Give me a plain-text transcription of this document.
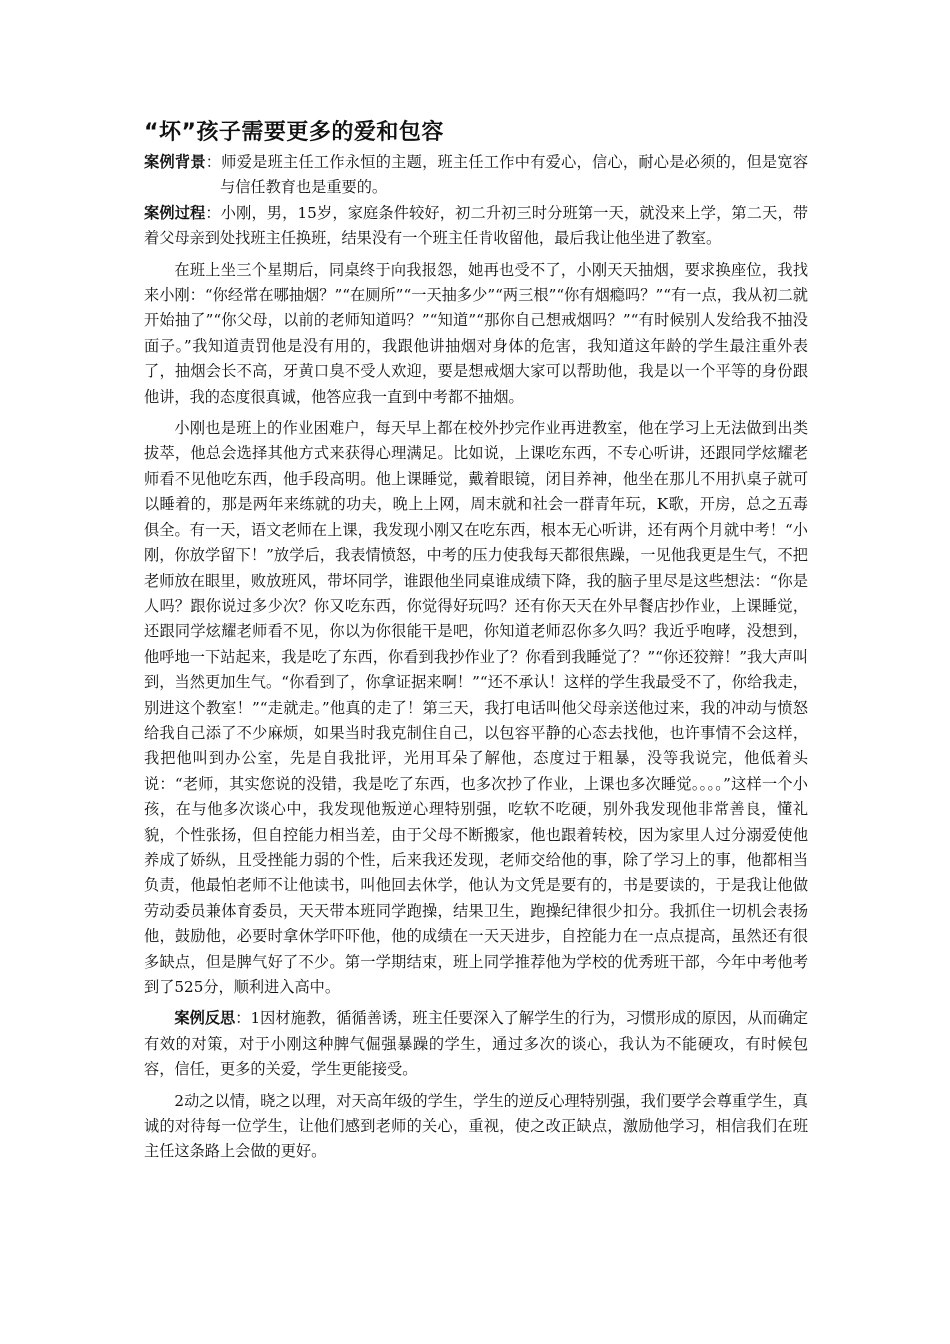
“坏”孩子需要更多的爱和包容

案例背景：师爱是班主任工作永恒的主题，班主任工作中有爱心，信心，耐心是必须的，但是宽容与信任教育也是重要的。

案例过程：小刚，男，15岁，家庭条件较好，初二升初三时分班第一天，就没来上学，第二天，带着父母亲到处找班主任换班，结果没有一个班主任肯收留他，最后我让他坐进了教室。

在班上坐三个星期后，同桌终于向我报怨，她再也受不了，小刚天天抽烟，要求换座位，我找来小刚：“你经常在哪抽烟？”“在厕所”“一天抽多少”“两三根”“你有烟瘾吗？”“有一点，我从初二就开始抽了”“你父母，以前的老师知道吗？”“知道”“那你自己想戒烟吗？”“有时候别人发给我不抽没面子。”我知道责罚他是没有用的，我跟他讲抽烟对身体的危害，我知道这年龄的学生最注重外表了，抽烟会长不高，牙黄口臭不受人欢迎，要是想戒烟大家可以帮助他，我是以一个平等的身份跟他讲，我的态度很真诚，他答应我一直到中考都不抽烟。

小刚也是班上的作业困难户，每天早上都在校外抄完作业再进教室，他在学习上无法做到出类拔萃，他总会选择其他方式来获得心理满足。比如说，上课吃东西，不专心听讲，还跟同学炫耀老师看不见他吃东西，他手段高明。他上课睡觉，戴着眼镜，闭目养神，他坐在那儿不用扒桌子就可以睡着的，那是两年来练就的功夫，晚上上网，周末就和社会一群青年玩，K歌，开房，总之五毒俱全。有一天，语文老师在上课，我发现小刚又在吃东西，根本无心听讲，还有两个月就中考！“小刚，你放学留下！”放学后，我表情愤怒，中考的压力使我每天都很焦躁，一见他我更是生气，不把老师放在眼里，败放班风，带坏同学，谁跟他坐同桌谁成绩下降，我的脑子里尽是这些想法：“你是人吗？跟你说过多少次？你又吃东西，你觉得好玩吗？还有你天天在外早餐店抄作业，上课睡觉，还跟同学炫耀老师看不见，你以为你很能干是吧，你知道老师忍你多久吗？我近乎咆哮，没想到，他呼地一下站起来，我是吃了东西，你看到我抄作业了？你看到我睡觉了？”“你还狡辩！”我大声叫到，当然更加生气。“你看到了，你拿证据来啊！”“还不承认！这样的学生我最受不了，你给我走，别进这个教室！”“走就走。”他真的走了！第三天，我打电话叫他父母亲送他过来，我的冲动与愤怒给我自己添了不少麻烦，如果当时我克制住自己，以包容平静的心态去找他，也许事情不会这样，我把他叫到办公室，先是自我批评，光用耳朵了解他，态度过于粗暴，没等我说完，他低着头说：“老师，其实您说的没错，我是吃了东西，也多次抄了作业，上课也多次睡觉。。。。”这样一个小孩，在与他多次谈心中，我发现他叛逆心理特别强，吃软不吃硬，别外我发现他非常善良，懂礼貌，个性张扬，但自控能力相当差，由于父母不断搬家，他也跟着转校，因为家里人过分溺爱使他养成了娇纵，且受挫能力弱的个性，后来我还发现，老师交给他的事，除了学习上的事，他都相当负责，他最怕老师不让他读书，叫他回去休学，他认为文凭是要有的，书是要读的，于是我让他做劳动委员兼体育委员，天天带本班同学跑操，结果卫生，跑操纪律很少扣分。我抓住一切机会表扬他，鼓励他，必要时拿休学吓吓他，他的成绩在一天天进步，自控能力在一点点提高，虽然还有很多缺点，但是脾气好了不少。第一学期结束，班上同学推荐他为学校的优秀班干部，今年中考他考到了525分，顺利进入高中。

案例反思：1因材施教，循循善诱，班主任要深入了解学生的行为，习惯形成的原因，从而确定有效的对策，对于小刚这种脾气倔强暴躁的学生，通过多次的谈心，我认为不能硬攻，有时候包容，信任，更多的关爱，学生更能接受。

2动之以情，晓之以理，对天高年级的学生，学生的逆反心理特别强，我们要学会尊重学生，真诚的对待每一位学生，让他们感到老师的关心，重视，使之改正缺点，激励他学习，相信我们在班主任这条路上会做的更好。
